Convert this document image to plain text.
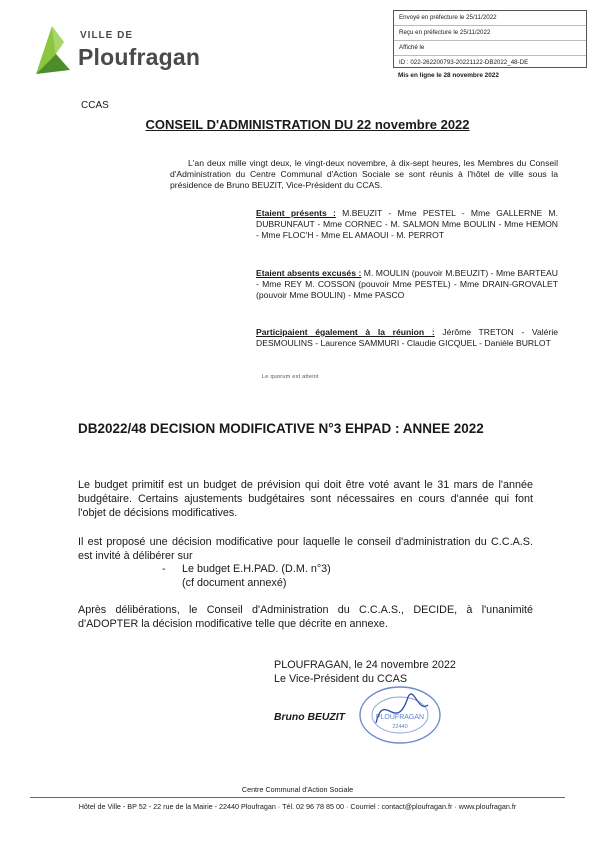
VILLE DE
Ploufragan
Envoyé en préfecture le 25/11/2022
Reçu en préfecture le 25/11/2022
Affiché le
ID : 022-262200793-20221122-DB2022_48-DE
Mis en ligne le 28 novembre 2022
CCAS
CONSEIL D'ADMINISTRATION DU 22 novembre 2022
L'an deux mille vingt deux, le vingt-deux novembre, à dix-sept heures, les Membres du Conseil d'Administration du Centre Communal d'Action Sociale se sont réunis à l'hôtel de ville sous la présidence de Bruno BEUZIT, Vice-Président du CCAS.
Etaient présents : M.BEUZIT - Mme PESTEL - Mme GALLERNE M. DUBRUNFAUT - Mme CORNEC - M. SALMON Mme BOULIN - Mme HEMON - Mme FLOC'H - Mme EL AMAOUI - M. PERROT
Etaient absents excusés : M. MOULIN (pouvoir M.BEUZIT) - Mme BARTEAU - Mme REY M. COSSON (pouvoir Mme PESTEL) - Mme DRAIN-GROVALET (pouvoir Mme BOULIN) - Mme PASCO
Participaient également à la réunion : Jérôme TRETON - Valérie DESMOULINS - Laurence SAMMURI - Claudie GICQUEL - Danièle BURLOT
Le quorum est atteint
DB2022/48 DECISION MODIFICATIVE N°3 EHPAD : ANNEE 2022
Le budget primitif est un budget de prévision qui doit être voté avant le 31 mars de l'année budgétaire. Certains ajustements budgétaires sont nécessaires en cours d'année qui font l'objet de décisions modificatives.
Il est proposé une décision modificative pour laquelle le conseil d'administration du C.C.A.S. est invité à délibérer sur
- Le budget E.H.PAD. (D.M. n°3)
(cf document annexé)
Après délibérations, le Conseil d'Administration du C.C.A.S., DECIDE, à l'unanimité d'ADOPTER la décision modificative telle que décrite en annexe.
PLOUFRAGAN, le 24 novembre 2022
Le Vice-Président du CCAS
Bruno BEUZIT	PLOUFRAGAN
22440
Centre Communal d'Action Sociale
Hôtel de Ville - BP 52 - 22 rue de la Mairie - 22440 Ploufragan · Tél. 02 96 78 85 00 · Courriel : contact@ploufragan.fr · www.ploufragan.fr
